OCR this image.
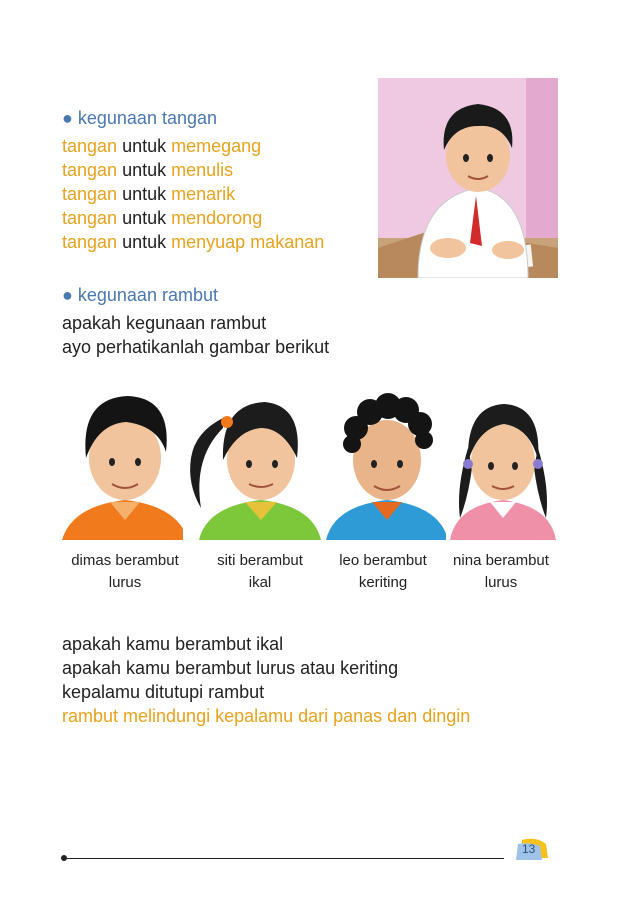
● kegunaan tangan
tangan untuk memegang
tangan untuk menulis
tangan untuk menarik
tangan untuk mendorong
tangan untuk menyuap makanan
● kegunaan rambut
apakah kegunaan rambut
ayo perhatikanlah gambar berikut
dimas berambut
lurus
siti berambut
ikal
leo berambut
keriting
nina berambut
lurus
apakah kamu berambut ikal
apakah kamu berambut lurus atau keriting
kepalamu ditutupi rambut
rambut melindungi kepalamu dari panas dan dingin
13
